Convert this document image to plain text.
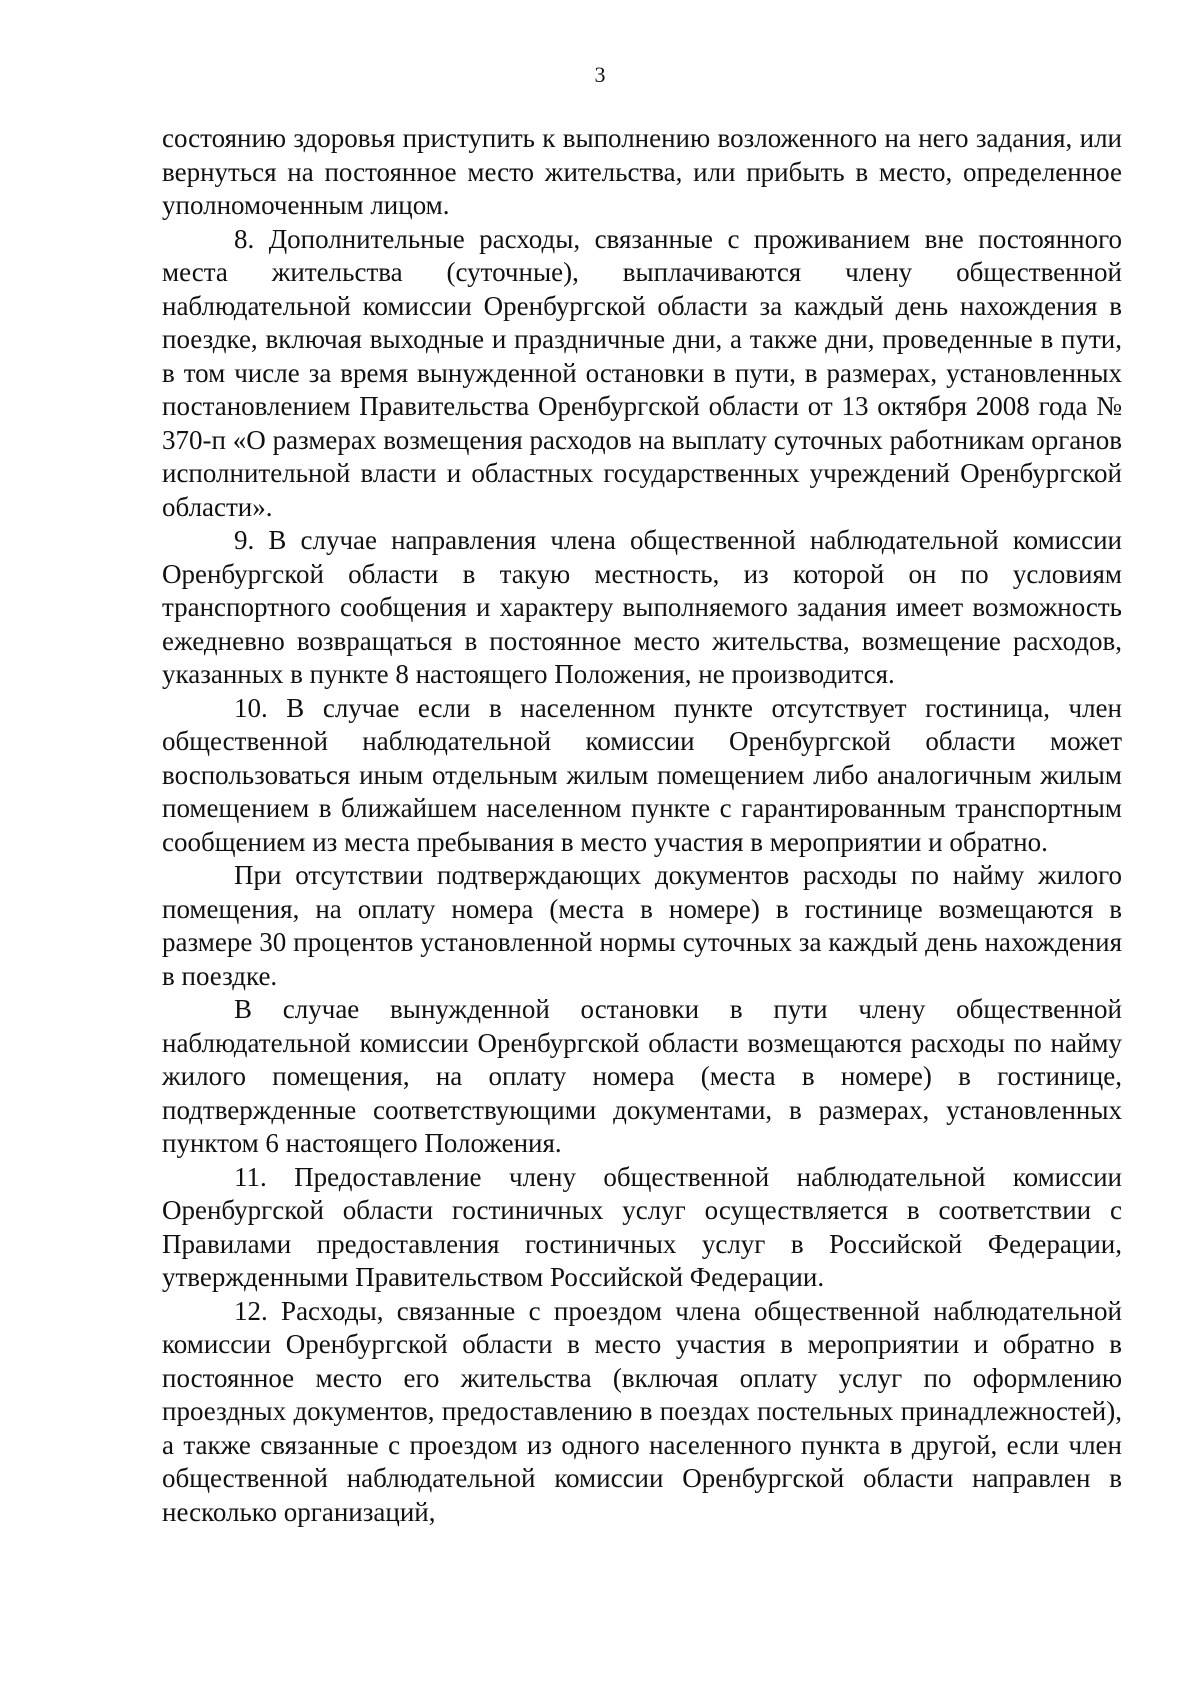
3

состоянию здоровья приступить к выполнению возложенного на него задания, или вернуться на постоянное место жительства, или прибыть в место, определенное уполномоченным лицом.

8. Дополнительные расходы, связанные с проживанием вне постоянного места жительства (суточные), выплачиваются члену общественной наблюдательной комиссии Оренбургской области за каждый день нахождения в поездке, включая выходные и праздничные дни, а также дни, проведенные в пути, в том числе за время вынужденной остановки в пути, в размерах, установленных постановлением Правительства Оренбургской области от 13 октября 2008 года № 370-п «О размерах возмещения расходов на выплату суточных работникам органов исполнительной власти и областных государственных учреждений Оренбургской области».

9. В случае направления члена общественной наблюдательной комиссии Оренбургской области в такую местность, из которой он по условиям транспортного сообщения и характеру выполняемого задания имеет возможность ежедневно возвращаться в постоянное место жительства, возмещение расходов, указанных в пункте 8 настоящего Положения, не производится.

10. В случае если в населенном пункте отсутствует гостиница, член общественной наблюдательной комиссии Оренбургской области может воспользоваться иным отдельным жилым помещением либо аналогичным жилым помещением в ближайшем населенном пункте с гарантированным транспортным сообщением из места пребывания в место участия в мероприятии и обратно.

При отсутствии подтверждающих документов расходы по найму жилого помещения, на оплату номера (места в номере) в гостинице возмещаются в размере 30 процентов установленной нормы суточных за каждый день нахождения в поездке.

В случае вынужденной остановки в пути члену общественной наблюдательной комиссии Оренбургской области возмещаются расходы по найму жилого помещения, на оплату номера (места в номере) в гостинице, подтвержденные соответствующими документами, в размерах, установленных пунктом 6 настоящего Положения.

11. Предоставление члену общественной наблюдательной комиссии Оренбургской области гостиничных услуг осуществляется в соответствии с Правилами предоставления гостиничных услуг в Российской Федерации, утвержденными Правительством Российской Федерации.

12. Расходы, связанные с проездом члена общественной наблюдательной комиссии Оренбургской области в место участия в мероприятии и обратно в постоянное место его жительства (включая оплату услуг по оформлению проездных документов, предоставлению в поездах постельных принадлежностей), а также связанные с проездом из одного населенного пункта в другой, если член общественной наблюдательной комиссии Оренбургской области направлен в несколько организаций,
